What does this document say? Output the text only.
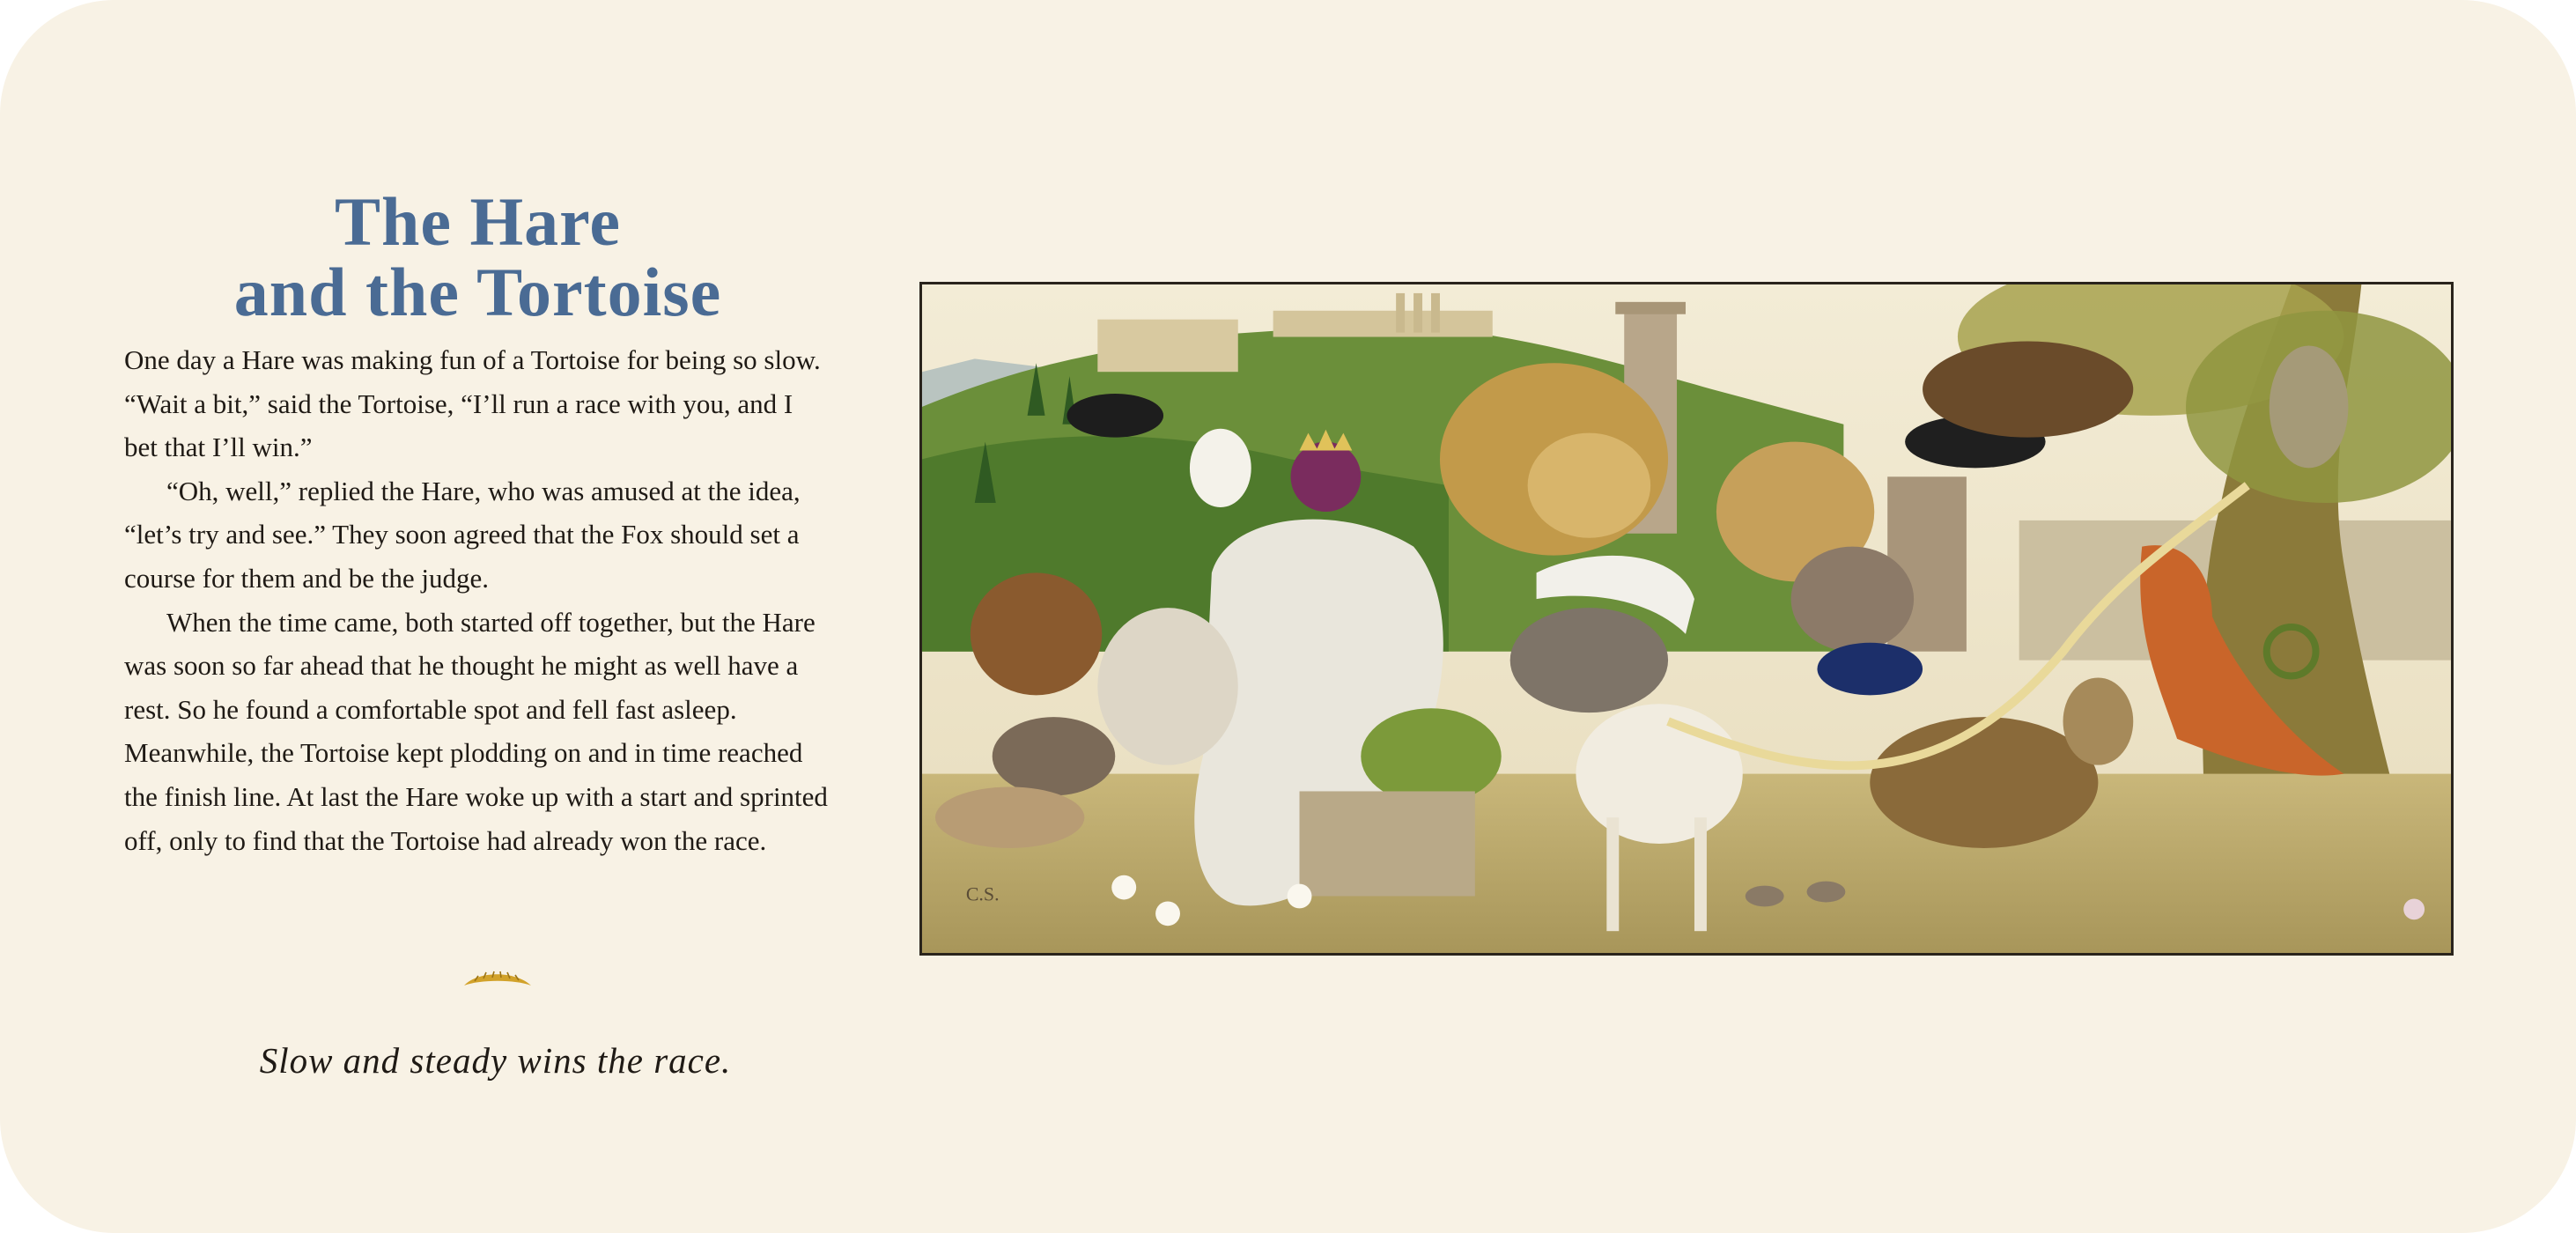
The Hare
and the Tortoise

One day a Hare was making fun of a Tortoise for being so slow. “Wait a bit,” said the Tortoise, “I’ll run a race with you, and I bet that I’ll win.”

“Oh, well,” replied the Hare, who was amused at the idea, “let’s try and see.” They soon agreed that the Fox should set a course for them and be the judge.

When the time came, both started off together, but the Hare was soon so far ahead that he thought he might as well have a rest. So he found a comfortable spot and fell fast asleep. Meanwhile, the Tortoise kept plodding on and in time reached the finish line. At last the Hare woke up with a start and sprinted off, only to find that the Tortoise had already won the race.

Slow and steady wins the race.
C.S.
